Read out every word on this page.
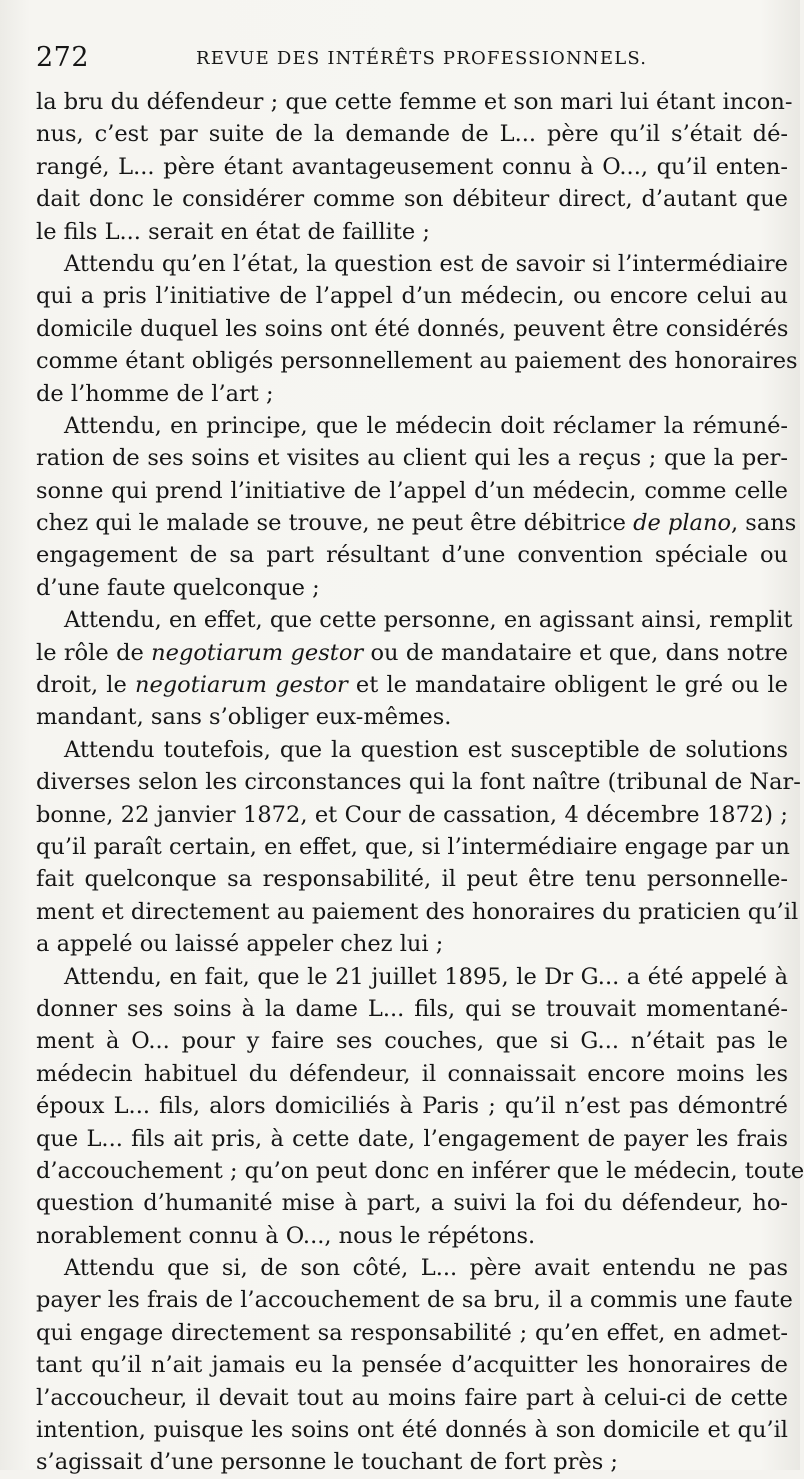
272	REVUE DES INTÉRÊTS PROFESSIONNELS.
la bru du défendeur ; que cette femme et son mari lui étant incon-
nus, c’est par suite de la demande de L... père qu’il s’était dé-
rangé, L... père étant avantageusement connu à O..., qu’il enten-
dait donc le considérer comme son débiteur direct, d’autant que
le fils L... serait en état de faillite ;
Attendu qu’en l’état, la question est de savoir si l’intermédiaire
qui a pris l’initiative de l’appel d’un médecin, ou encore celui au
domicile duquel les soins ont été donnés, peuvent être considérés
comme étant obligés personnellement au paiement des honoraires
de l’homme de l’art ;
Attendu, en principe, que le médecin doit réclamer la rémuné-
ration de ses soins et visites au client qui les a reçus ; que la per-
sonne qui prend l’initiative de l’appel d’un médecin, comme celle
chez qui le malade se trouve, ne peut être débitrice de plano, sans
engagement de sa part résultant d’une convention spéciale ou
d’une faute quelconque ;
Attendu, en effet, que cette personne, en agissant ainsi, remplit
le rôle de negotiarum gestor ou de mandataire et que, dans notre
droit, le negotiarum gestor et le mandataire obligent le gré ou le
mandant, sans s’obliger eux-mêmes.
Attendu toutefois, que la question est susceptible de solutions
diverses selon les circonstances qui la font naître (tribunal de Nar-
bonne, 22 janvier 1872, et Cour de cassation, 4 décembre 1872) ;
qu’il paraît certain, en effet, que, si l’intermédiaire engage par un
fait quelconque sa responsabilité, il peut être tenu personnelle-
ment et directement au paiement des honoraires du praticien qu’il
a appelé ou laissé appeler chez lui ;
Attendu, en fait, que le 21 juillet 1895, le Dr G... a été appelé à
donner ses soins à la dame L... fils, qui se trouvait momentané-
ment à O... pour y faire ses couches, que si G... n’était pas le
médecin habituel du défendeur, il connaissait encore moins les
époux L... fils, alors domiciliés à Paris ; qu’il n’est pas démontré
que L... fils ait pris, à cette date, l’engagement de payer les frais
d’accouchement ; qu’on peut donc en inférer que le médecin, toute
question d’humanité mise à part, a suivi la foi du défendeur, ho-
norablement connu à O..., nous le répétons.
Attendu que si, de son côté, L... père avait entendu ne pas
payer les frais de l’accouchement de sa bru, il a commis une faute
qui engage directement sa responsabilité ; qu’en effet, en admet-
tant qu’il n’ait jamais eu la pensée d’acquitter les honoraires de
l’accoucheur, il devait tout au moins faire part à celui-ci de cette
intention, puisque les soins ont été donnés à son domicile et qu’il
s’agissait d’une personne le touchant de fort près ;
